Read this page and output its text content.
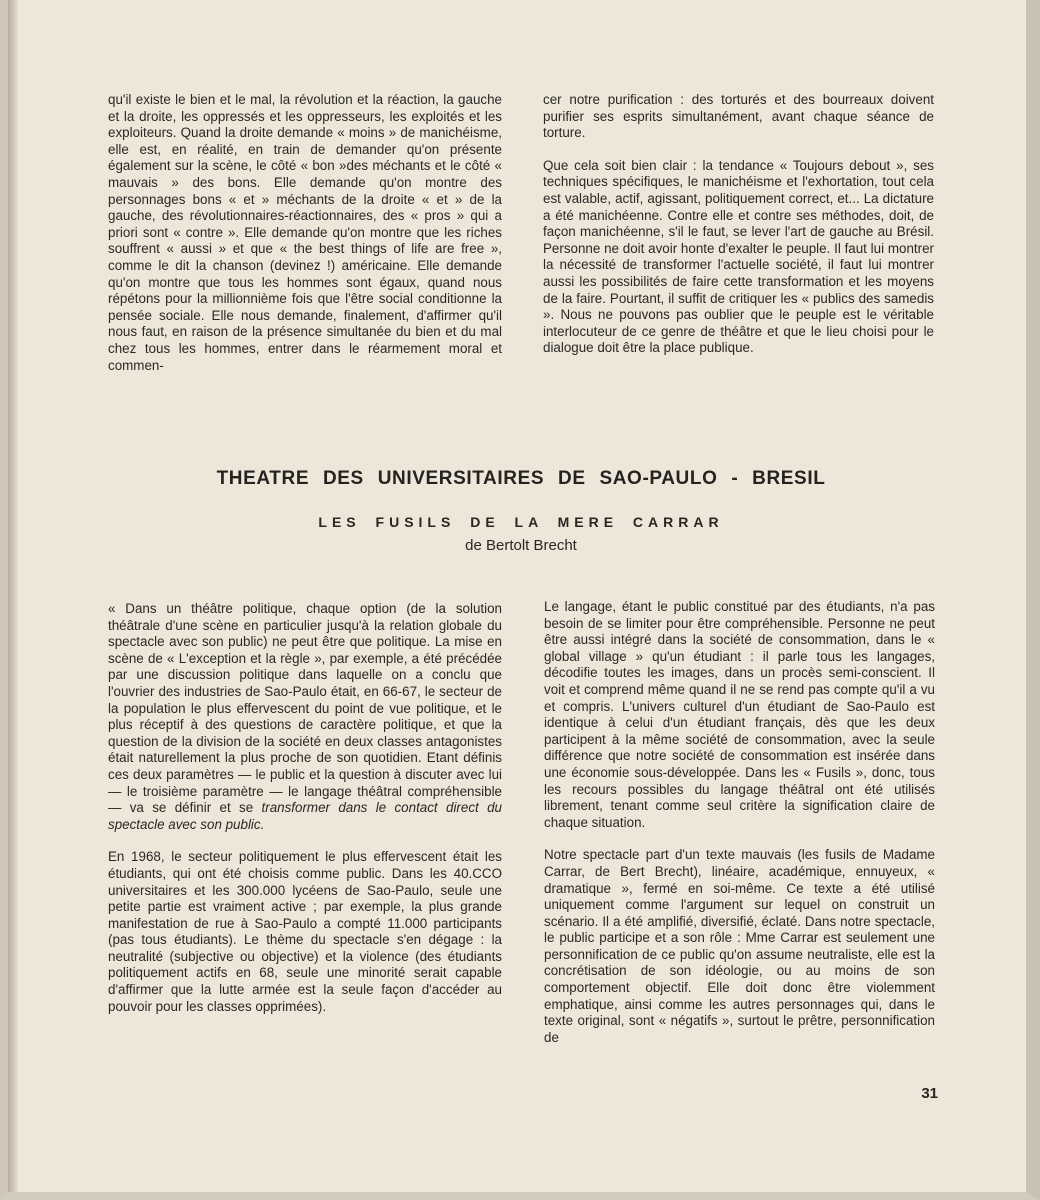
qu'il existe le bien et le mal, la révolution et la réaction, la gauche et la droite, les oppressés et les oppresseurs, les exploités et les exploiteurs. Quand la droite demande « moins » de manichéisme, elle est, en réalité, en train de demander qu'on présente également sur la scène, le côté « bon »des méchants et le côté « mauvais » des bons. Elle demande qu'on montre des personnages bons « et » méchants de la droite « et » de la gauche, des révolutionnaires-réactionnaires, des « pros » qui a priori sont « contre ». Elle demande qu'on montre que les riches souffrent « aussi » et que « the best things of life are free », comme le dit la chanson (devinez !) américaine. Elle demande qu'on montre que tous les hommes sont égaux, quand nous répétons pour la millionnième fois que l'être social conditionne la pensée sociale. Elle nous demande, finalement, d'affirmer qu'il nous faut, en raison de la présence simultanée du bien et du mal chez tous les hommes, entrer dans le réarmement moral et commen-

cer notre purification : des torturés et des bourreaux doivent purifier ses esprits simultanément, avant chaque séance de torture.

Que cela soit bien clair : la tendance « Toujours debout », ses techniques spécifiques, le manichéisme et l'exhortation, tout cela est valable, actif, agissant, politiquement correct, et... La dictature a été manichéenne. Contre elle et contre ses méthodes, doit, de façon manichéenne, s'il le faut, se lever l'art de gauche au Brésil. Personne ne doit avoir honte d'exalter le peuple. Il faut lui montrer la nécessité de transformer l'actuelle société, il faut lui montrer aussi les possibilités de faire cette transformation et les moyens de la faire. Pourtant, il suffit de critiquer les « publics des samedis ». Nous ne pouvons pas oublier que le peuple est le véritable interlocuteur de ce genre de théâtre et que le lieu choisi pour le dialogue doit être la place publique.

THEATRE DES UNIVERSITAIRES DE SAO-PAULO - BRESIL
LES FUSILS DE LA MERE CARRAR
de Bertolt Brecht

« Dans un théâtre politique, chaque option (de la solution théâtrale d'une scène en particulier jusqu'à la relation globale du spectacle avec son public) ne peut être que politique. La mise en scène de « L'exception et la règle », par exemple, a été précédée par une discussion politique dans laquelle on a conclu que l'ouvrier des industries de Sao-Paulo était, en 66-67, le secteur de la population le plus effervescent du point de vue politique, et le plus réceptif à des questions de caractère politique, et que la question de la division de la société en deux classes antagonistes était naturellement la plus proche de son quotidien. Etant définis ces deux paramètres — le public et la question à discuter avec lui — le troisième paramètre — le langage théâtral compréhensible — va se définir et se transformer dans le contact direct du spectacle avec son public.

En 1968, le secteur politiquement le plus effervescent était les étudiants, qui ont été choisis comme public. Dans les 40.CCO universitaires et les 300.000 lycéens de Sao-Paulo, seule une petite partie est vraiment active ; par exemple, la plus grande manifestation de rue à Sao-Paulo a compté 11.000 participants (pas tous étudiants). Le thème du spectacle s'en dégage : la neutralité (subjective ou objective) et la violence (des étudiants politiquement actifs en 68, seule une minorité serait capable d'affirmer que la lutte armée est la seule façon d'accéder au pouvoir pour les classes opprimées).

Le langage, étant le public constitué par des étudiants, n'a pas besoin de se limiter pour être compréhensible. Personne ne peut être aussi intégré dans la société de consommation, dans le « global village » qu'un étudiant : il parle tous les langages, décodifie toutes les images, dans un procès semi-conscient. Il voit et comprend même quand il ne se rend pas compte qu'il a vu et compris. L'univers culturel d'un étudiant de Sao-Paulo est identique à celui d'un étudiant français, dès que les deux participent à la même société de consommation, avec la seule différence que notre société de consommation est insérée dans une économie sous-développée. Dans les « Fusils », donc, tous les recours possibles du langage théâtral ont été utilisés librement, tenant comme seul critère la signification claire de chaque situation.

Notre spectacle part d'un texte mauvais (les fusils de Madame Carrar, de Bert Brecht), linéaire, académique, ennuyeux, « dramatique », fermé en soi-même. Ce texte a été utilisé uniquement comme l'argument sur lequel on construit un scénario. Il a été amplifié, diversifié, éclaté. Dans notre spectacle, le public participe et a son rôle : Mme Carrar est seulement une personnification de ce public qu'on assume neutraliste, elle est la concrétisation de son idéologie, ou au moins de son comportement objectif. Elle doit donc être violemment emphatique, ainsi comme les autres personnages qui, dans le texte original, sont « négatifs », surtout le prêtre, personnification de

31
